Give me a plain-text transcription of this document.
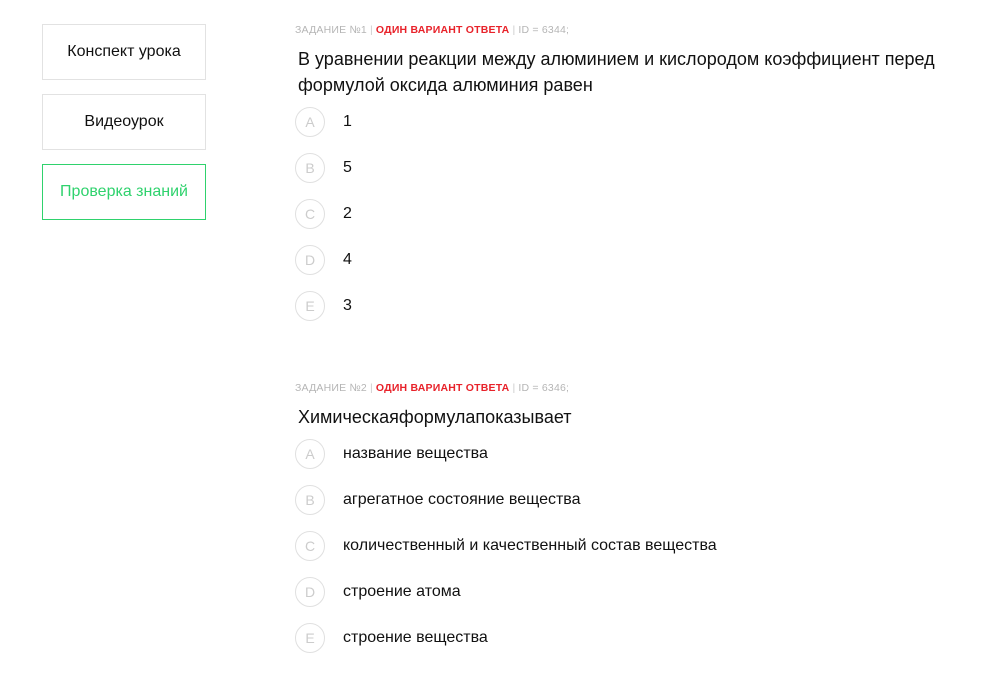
Конспект урока
Видеоурок
Проверка знаний
ЗАДАНИЕ №1 | ОДИН ВАРИАНТ ОТВЕТА | ID = 6344;
В уравнении реакции между алюминием и кислородом коэффициент перед формулой оксида алюминия равен
A	1
B	5
C	2
D	4
E	3
ЗАДАНИЕ №2 | ОДИН ВАРИАНТ ОТВЕТА | ID = 6346;
Химическаяформулапоказывает
A	название вещества
B	агрегатное состояние вещества
C	количественный и качественный состав вещества
D	строение атома
E	строение вещества
